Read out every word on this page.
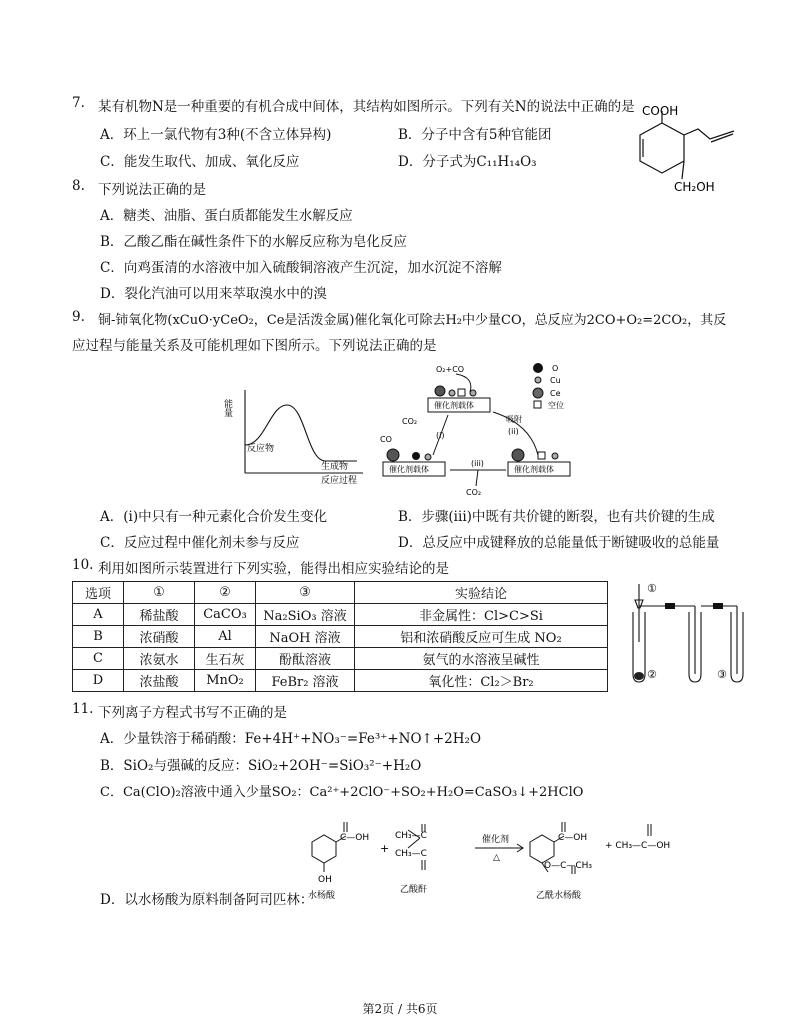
7. 某有机物N是一种重要的有机合成中间体，其结构如图所示。下列有关N的说法中正确的是
A．环上一氯代物有3种(不含立体异构)	B．分子中含有5种官能团
C．能发生取代、加成、氧化反应	D．分子式为C₁₁H₁₄O₃
COOH
CH₂OH
8. 下列说法正确的是
A．糖类、油脂、蛋白质都能发生水解反应
B．乙酸乙酯在碱性条件下的水解反应称为皂化反应
C．向鸡蛋清的水溶液中加入硫酸铜溶液产生沉淀，加水沉淀不溶解
D．裂化汽油可以用来萃取溴水中的溴
9. 铜-铈氧化物(xCuO·yCeO₂，Ce是活泼金属)催化氧化可除去H₂中少量CO，总反应为2CO+O₂=2CO₂，其反
应过程与能量关系及可能机理如下图所示。下列说法正确的是
能量
反应物
生成物
反应过程
O₂+CO
催化剂载体
催化剂载体	催化剂载体
吸附
(ii)
(i)
(iii)
CO₂
CO₂
CO
O
Cu
Ce
空位
A．(i)中只有一种元素化合价发生变化	B．步骤(iii)中既有共价键的断裂，也有共价键的生成
C．反应过程中催化剂未参与反应	D．总反应中成键释放的总能量低于断键吸收的总能量
10. 利用如图所示装置进行下列实验，能得出相应实验结论的是
选项	①	②	③	实验结论
A	稀盐酸	CaCO₃	Na₂SiO₃ 溶液	非金属性：Cl>C>Si
B	浓硝酸	Al	NaOH 溶液	铝和浓硝酸反应可生成 NO₂
C	浓氨水	生石灰	酚酞溶液	氨气的水溶液呈碱性
D	浓盐酸	MnO₂	FeBr₂ 溶液	氧化性：Cl₂＞Br₂
①
②	③
11. 下列离子方程式书写不正确的是
A．少量铁溶于稀硝酸：Fe+4H⁺+NO₃⁻=Fe³⁺+NO↑+2H₂O
B．SiO₂与强碱的反应：SiO₂+2OH⁻=SiO₃²⁻+H₂O
C．Ca(ClO)₂溶液中通入少量SO₂：Ca²⁺+2ClO⁻+SO₂+H₂O=CaSO₃↓+2HClO
C—OH
OH
水杨酸
+
CH₃—C
CH₃—C
乙酸酐
催化剂
△
C—OH
O—C—CH₃
乙酰水杨酸
+ CH₃—C—OH
D．以水杨酸为原料制备阿司匹林：
第2页 / 共6页
